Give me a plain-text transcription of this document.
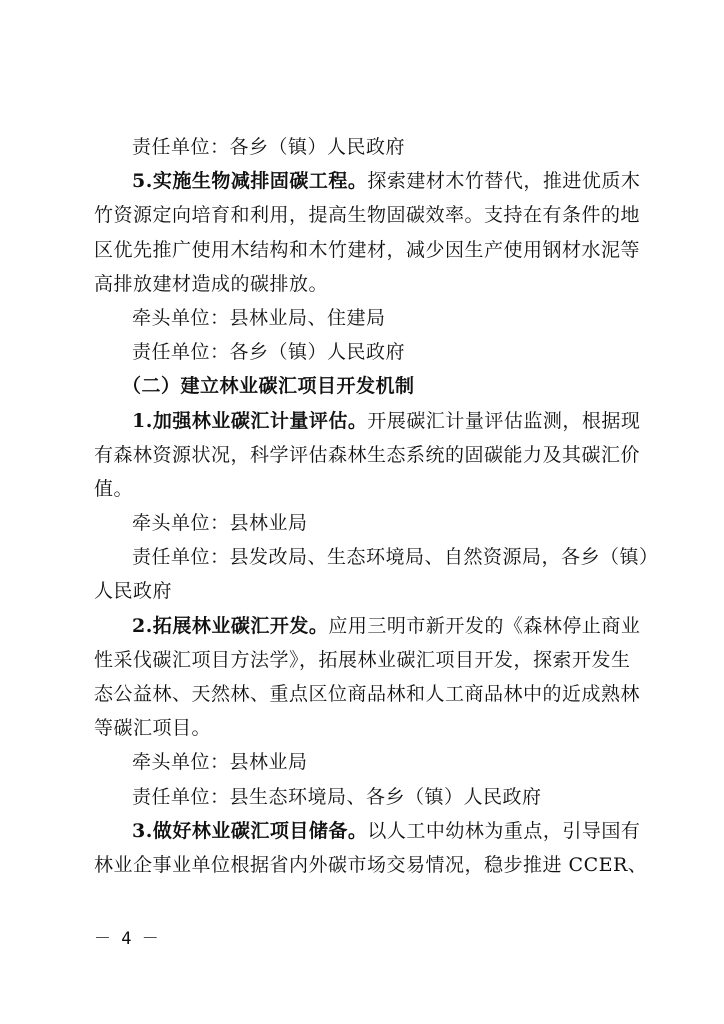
责任单位：各乡（镇）人民政府
5.实施生物减排固碳工程。探索建材木竹替代，推进优质木
竹资源定向培育和利用，提高生物固碳效率。支持在有条件的地
区优先推广使用木结构和木竹建材，减少因生产使用钢材水泥等
高排放建材造成的碳排放。
牵头单位：县林业局、住建局
责任单位：各乡（镇）人民政府
（二）建立林业碳汇项目开发机制
1.加强林业碳汇计量评估。开展碳汇计量评估监测，根据现
有森林资源状况，科学评估森林生态系统的固碳能力及其碳汇价
值。
牵头单位：县林业局
责任单位：县发改局、生态环境局、自然资源局，各乡（镇）
人民政府
2.拓展林业碳汇开发。应用三明市新开发的《森林停止商业
性采伐碳汇项目方法学》，拓展林业碳汇项目开发，探索开发生
态公益林、天然林、重点区位商品林和人工商品林中的近成熟林
等碳汇项目。
牵头单位：县林业局
责任单位：县生态环境局、各乡（镇）人民政府
3.做好林业碳汇项目储备。以人工中幼林为重点，引导国有
林业企事业单位根据省内外碳市场交易情况，稳步推进 CCER、
－ 4 －
